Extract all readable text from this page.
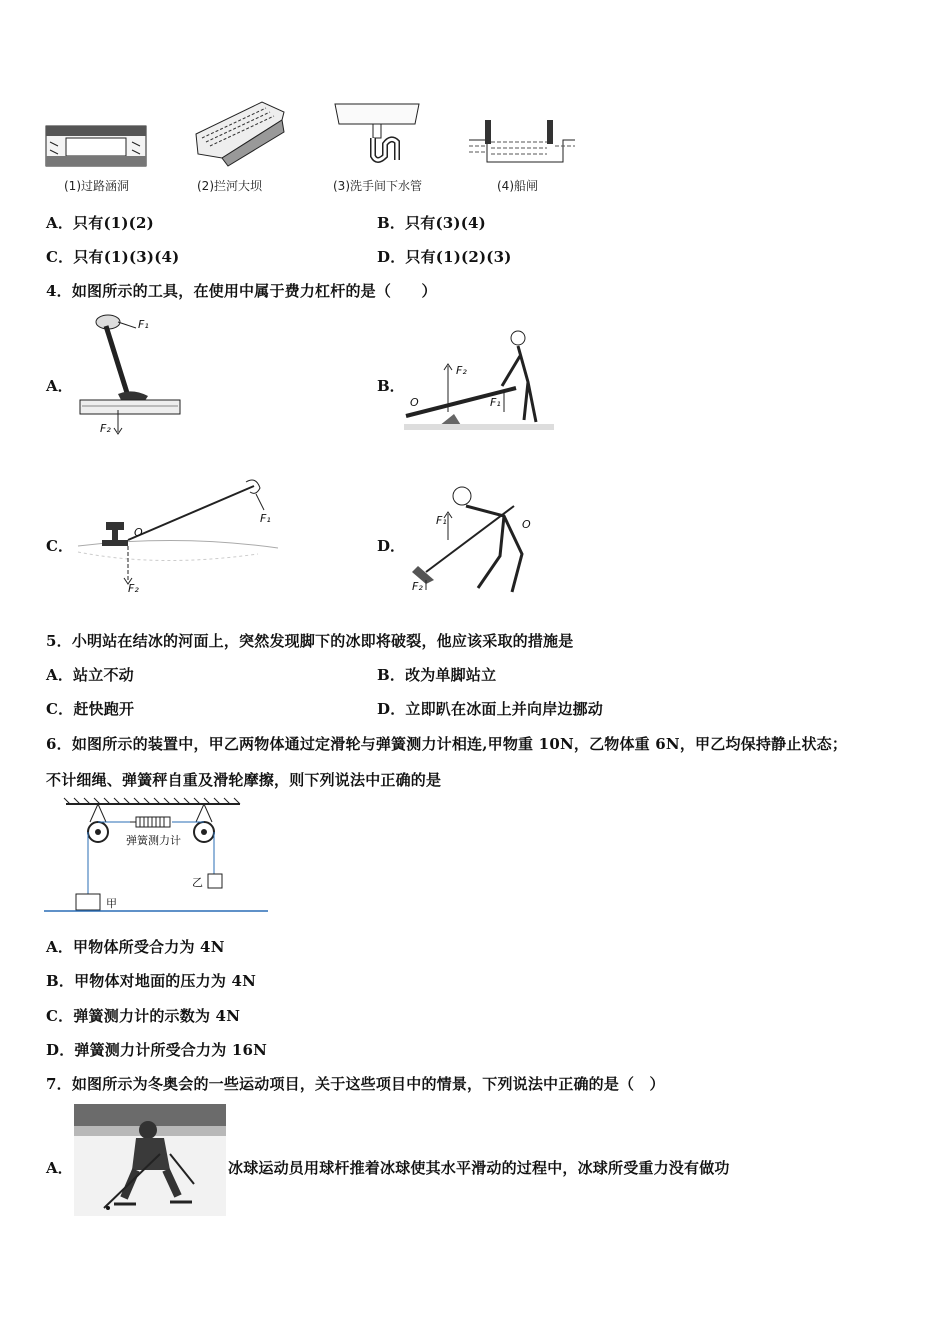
(1)过路涵洞	(2)拦河大坝	(3)洗手间下水管	(4)船闸
A．只有(1)(2)	B．只有(3)(4)
C．只有(1)(3)(4)	D．只有(1)(2)(3)
4．如图所示的工具，在使用中属于费力杠杆的是（　　）
A．
F₁
F₂
B．
F₂
F₁
O
C．
O
F₁
F₂
D．
F₁	O
F₂
5．小明站在结冰的河面上，突然发现脚下的冰即将破裂，他应该采取的措施是
A．站立不动	B．改为单脚站立
C．赶快跑开	D．立即趴在冰面上并向岸边挪动
6．如图所示的装置中，甲乙两物体通过定滑轮与弹簧测力计相连,甲物重 10N，乙物体重 6N，甲乙均保持静止状态；
不计细绳、弹簧秤自重及滑轮摩擦，则下列说法中正确的是
弹簧测力计
甲
乙
A．甲物体所受合力为 4N
B．甲物体对地面的压力为 4N
C．弹簧测力计的示数为 4N
D．弹簧测力计所受合力为 16N
7．如图所示为冬奥会的一些运动项目，关于这些项目中的情景，下列说法中正确的是（　）
A．	冰球运动员用球杆推着冰球使其水平滑动的过程中，冰球所受重力没有做功
